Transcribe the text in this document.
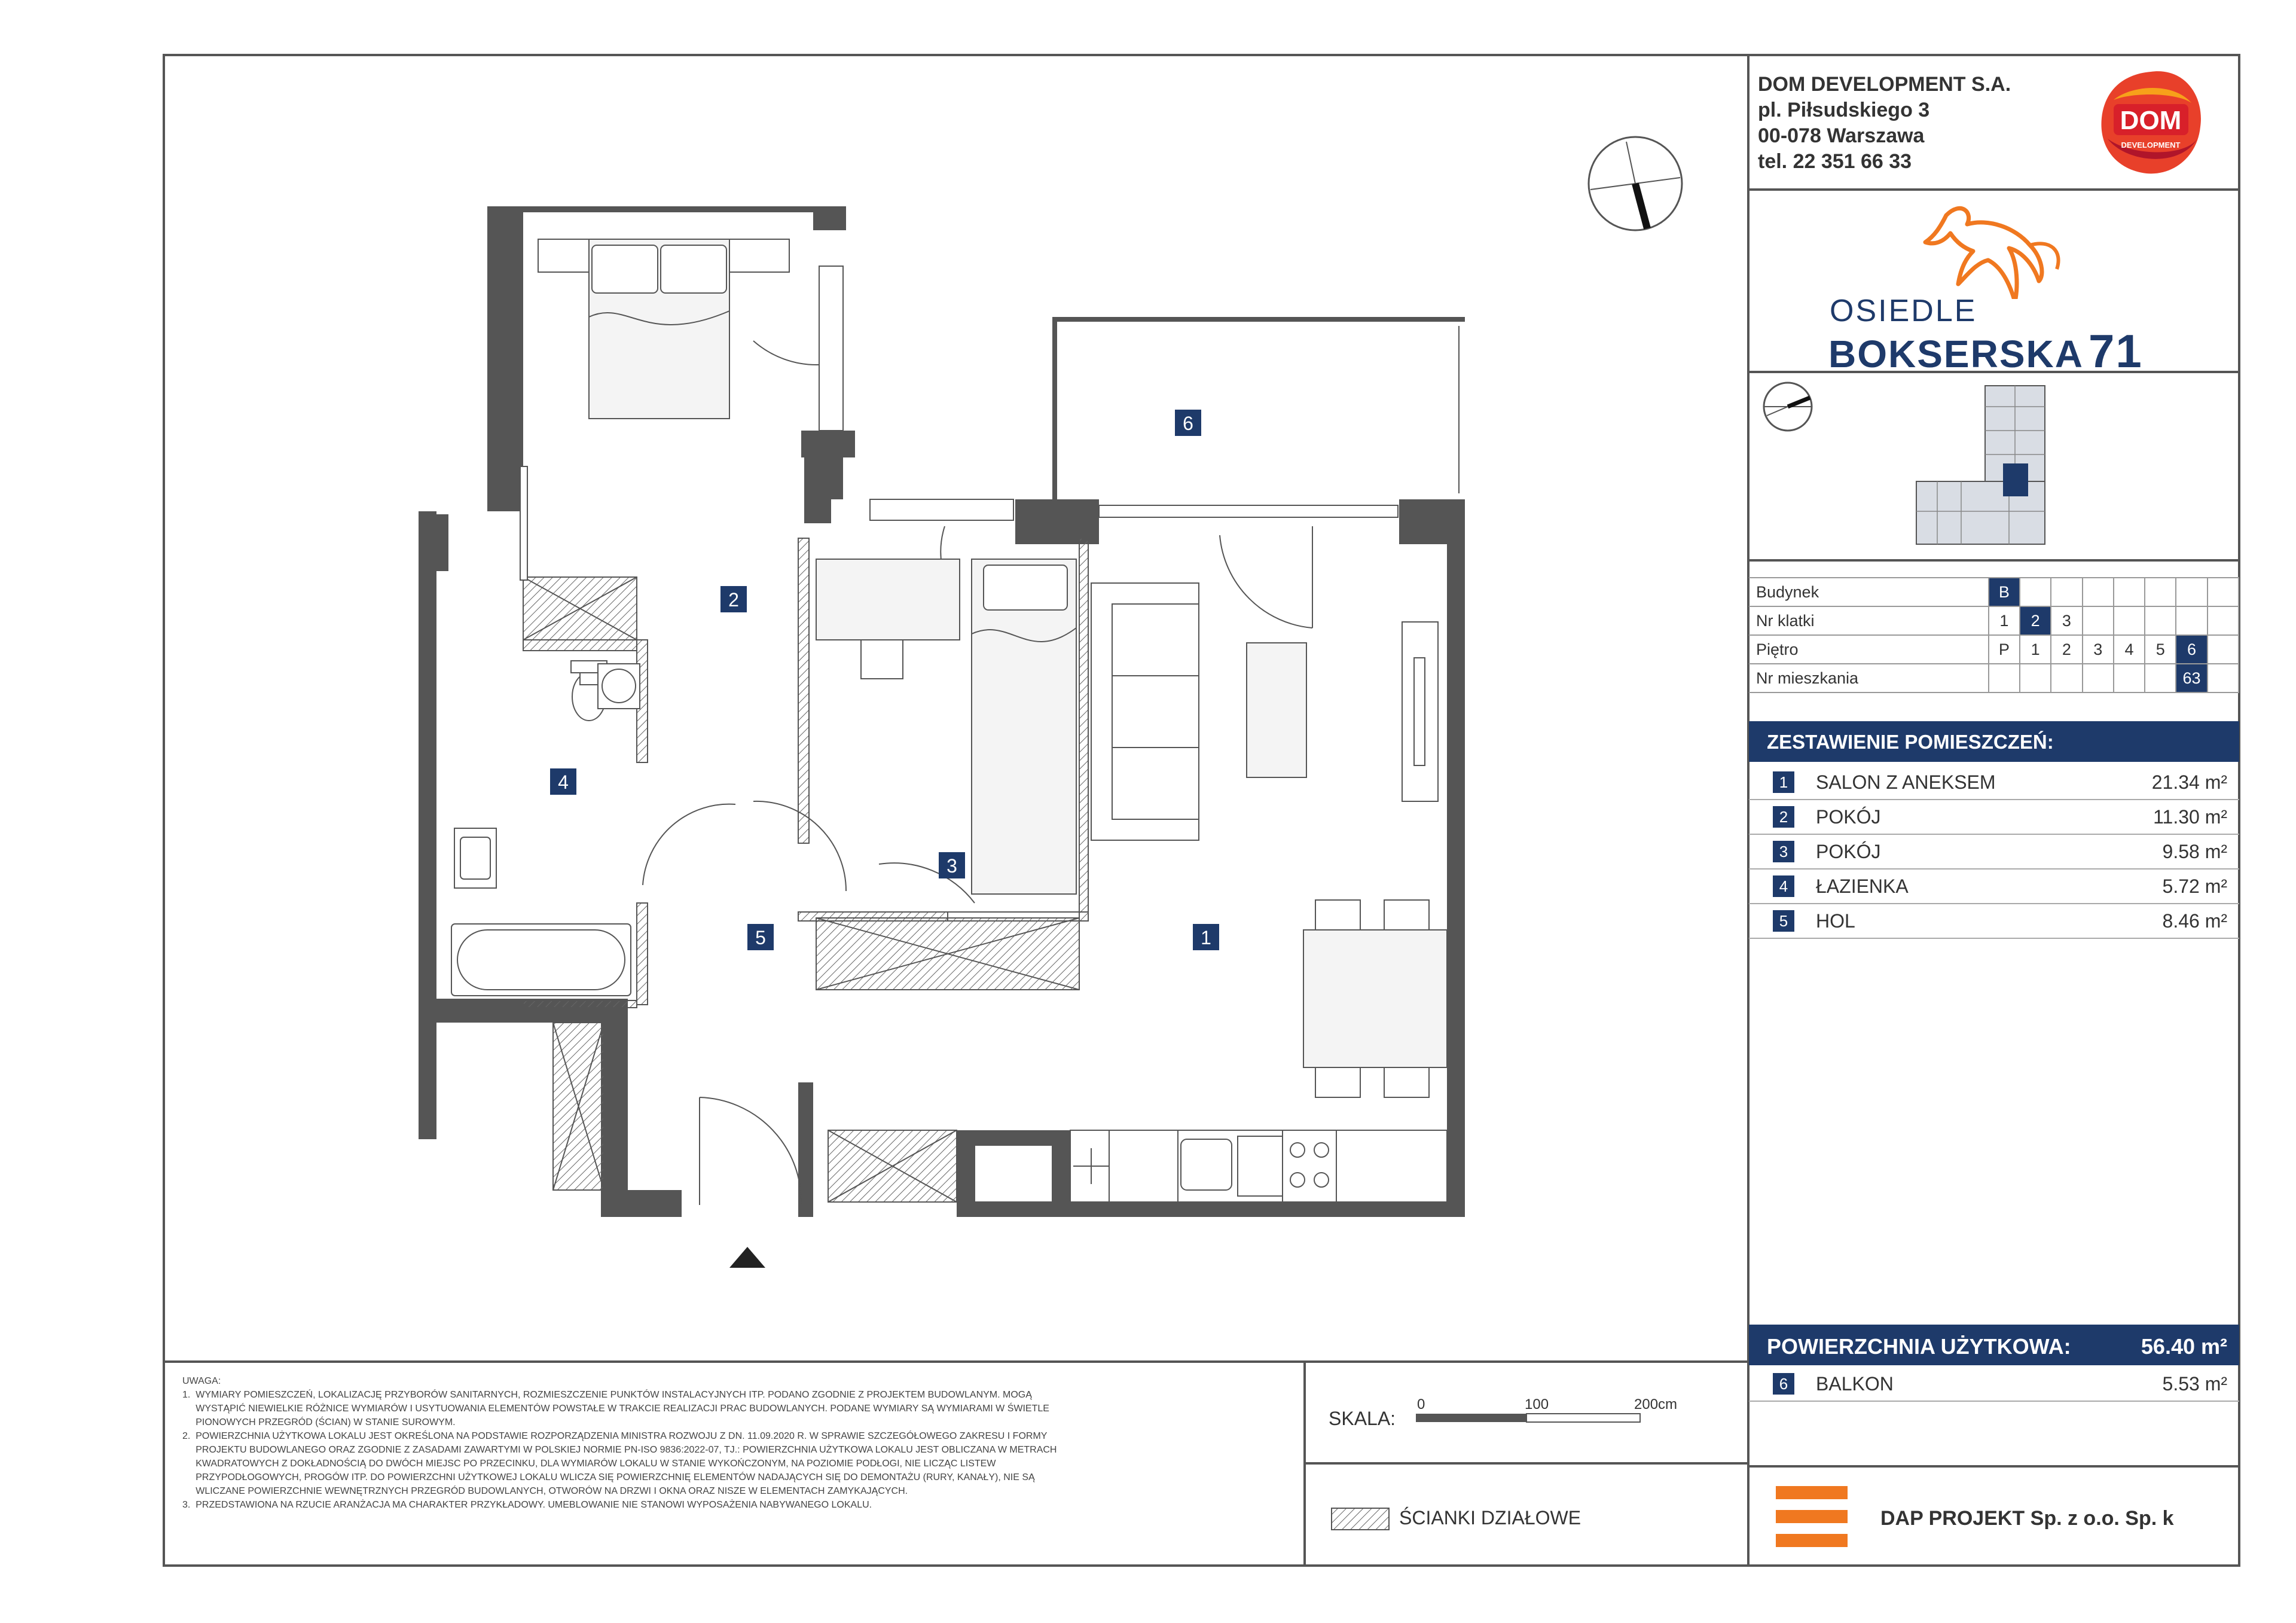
DOM DEVELOPMENT S.A.
pl. Piłsudskiego 3
00-078 Warszawa
tel. 22 351 66 33
DOM
DEVELOPMENT
OSIEDLE
BOKSERSKA 71
Budynek	B							
Nr klatki	1	2	3					
Piętro	P	1	2	3	4	5	6	
Nr mieszkania							63	
ZESTAWIENIE POMIESZCZEŃ:
1	SALON Z ANEKSEM	21.34 m²
2	POKÓJ	11.30 m²
3	POKÓJ	9.58 m²
4	ŁAZIENKA	5.72 m²
5	HOL	8.46 m²
POWIERZCHNIA UŻYTKOWA:	56.40 m²
6	BALKON	5.53 m²
1
2
3
4
5
6
UWAGA:
1.  WYMIARY POMIESZCZEŃ, LOKALIZACJĘ PRZYBORÓW SANITARNYCH, ROZMIESZCZENIE PUNKTÓW INSTALACYJNYCH ITP. PODANO ZGODNIE Z PROJEKTEM BUDOWLANYM. MOGĄ
WYSTĄPIĆ NIEWIELKIE RÓŻNICE WYMIARÓW I USYTUOWANIA ELEMENTÓW POWSTAŁE W TRAKCIE REALIZACJI PRAC BUDOWLANYCH. PODANE WYMIARY SĄ WYMIARAMI W ŚWIETLE
PIONOWYCH PRZEGRÓD (ŚCIAN) W STANIE SUROWYM.
2.  POWIERZCHNIA UŻYTKOWA LOKALU JEST OKREŚLONA NA PODSTAWIE ROZPORZĄDZENIA MINISTRA ROZWOJU Z DN. 11.09.2020 R. W SPRAWIE SZCZEGÓŁOWEGO ZAKRESU I FORMY
PROJEKTU BUDOWLANEGO ORAZ ZGODNIE Z ZASADAMI ZAWARTYMI W POLSKIEJ NORMIE PN-ISO 9836:2022-07, TJ.: POWIERZCHNIA UŻYTKOWA LOKALU JEST OBLICZANA W METRACH
KWADRATOWYCH Z DOKŁADNOŚCIĄ DO DWÓCH MIEJSC PO PRZECINKU, DLA WYMIARÓW LOKALU W STANIE WYKOŃCZONYM, NA POZIOMIE PODŁOGI, NIE LICZĄC LISTEW
PRZYPODŁOGOWYCH, PROGÓW ITP. DO POWIERZCHNI UŻYTKOWEJ LOKALU WLICZA SIĘ POWIERZCHNIĘ ELEMENTÓW NADAJĄCYCH SIĘ DO DEMONTAŻU (RURY, KANAŁY), NIE SĄ
WLICZANE POWIERZCHNIE WEWNĘTRZNYCH PRZEGRÓD BUDOWLANYCH, OTWORÓW NA DRZWI I OKNA ORAZ NISZE W ELEMENTACH ZAMYKAJĄCYCH.
3.  PRZEDSTAWIONA NA RZUCIE ARANŻACJA MA CHARAKTER PRZYKŁADOWY. UMEBLOWANIE NIE STANOWI WYPOSAŻENIA NABYWANEGO LOKALU.
SKALA:
0	100	200cm
ŚCIANKI DZIAŁOWE	DAP PROJEKT Sp. z o.o. Sp. k
